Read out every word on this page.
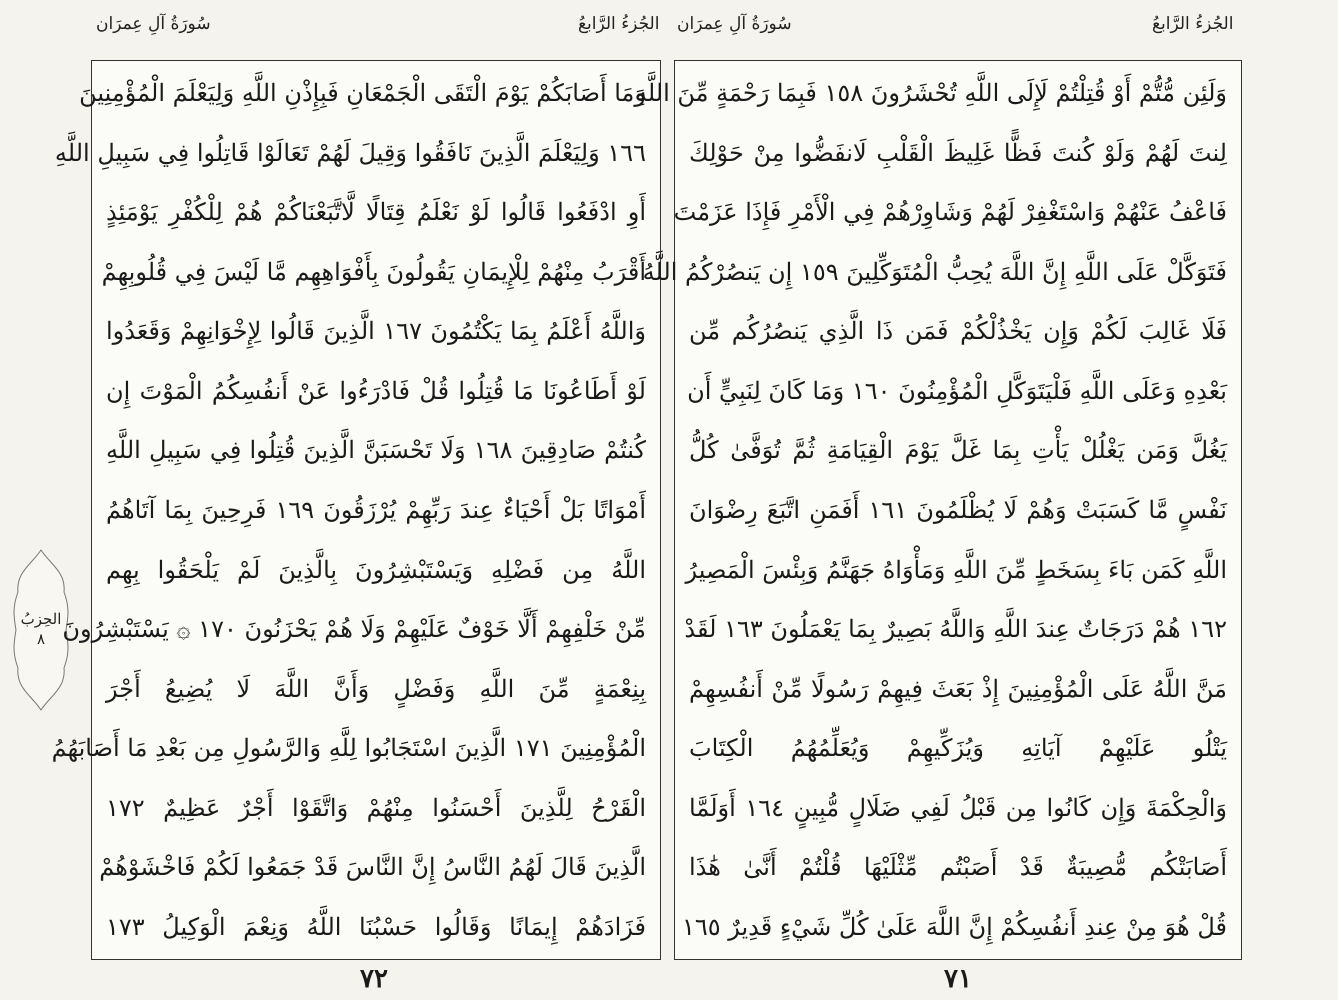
سُورَةُ آلِ عِمرَان	الجُزءُ الرَّابعُ سُورَةُ آلِ عِمرَان	الجُزءُ الرَّابعُ
الحِزبُ
٨
وَمَا أَصَابَكُمْ يَوْمَ الْتَقَى الْجَمْعَانِ فَبِإِذْنِ اللَّهِ وَلِيَعْلَمَ الْمُؤْمِنِينَ
١٦٦ وَلِيَعْلَمَ الَّذِينَ نَافَقُوا وَقِيلَ لَهُمْ تَعَالَوْا قَاتِلُوا فِي سَبِيلِ اللَّهِ
أَوِ ادْفَعُوا قَالُوا لَوْ نَعْلَمُ قِتَالًا لَّاتَّبَعْنَاكُمْ هُمْ لِلْكُفْرِ يَوْمَئِذٍ
أَقْرَبُ مِنْهُمْ لِلْإِيمَانِ يَقُولُونَ بِأَفْوَاهِهِم مَّا لَيْسَ فِي قُلُوبِهِمْ
وَاللَّهُ أَعْلَمُ بِمَا يَكْتُمُونَ ١٦٧ الَّذِينَ قَالُوا لِإِخْوَانِهِمْ وَقَعَدُوا
لَوْ أَطَاعُونَا مَا قُتِلُوا قُلْ فَادْرَءُوا عَنْ أَنفُسِكُمُ الْمَوْتَ إِن
كُنتُمْ صَادِقِينَ ١٦٨ وَلَا تَحْسَبَنَّ الَّذِينَ قُتِلُوا فِي سَبِيلِ اللَّهِ
أَمْوَاتًا بَلْ أَحْيَاءٌ عِندَ رَبِّهِمْ يُرْزَقُونَ ١٦٩ فَرِحِينَ بِمَا آتَاهُمُ
اللَّهُ مِن فَضْلِهِ وَيَسْتَبْشِرُونَ بِالَّذِينَ لَمْ يَلْحَقُوا بِهِم
مِّنْ خَلْفِهِمْ أَلَّا خَوْفٌ عَلَيْهِمْ وَلَا هُمْ يَحْزَنُونَ ١٧٠ ۞ يَسْتَبْشِرُونَ
بِنِعْمَةٍ مِّنَ اللَّهِ وَفَضْلٍ وَأَنَّ اللَّهَ لَا يُضِيعُ أَجْرَ
الْمُؤْمِنِينَ ١٧١ الَّذِينَ اسْتَجَابُوا لِلَّهِ وَالرَّسُولِ مِن بَعْدِ مَا أَصَابَهُمُ
الْقَرْحُ لِلَّذِينَ أَحْسَنُوا مِنْهُمْ وَاتَّقَوْا أَجْرٌ عَظِيمٌ ١٧٢
الَّذِينَ قَالَ لَهُمُ النَّاسُ إِنَّ النَّاسَ قَدْ جَمَعُوا لَكُمْ فَاخْشَوْهُمْ
فَزَادَهُمْ إِيمَانًا وَقَالُوا حَسْبُنَا اللَّهُ وَنِعْمَ الْوَكِيلُ ١٧٣
وَلَئِن مُّتُّمْ أَوْ قُتِلْتُمْ لَإِلَى اللَّهِ تُحْشَرُونَ ١٥٨ فَبِمَا رَحْمَةٍ مِّنَ اللَّهِ
لِنتَ لَهُمْ وَلَوْ كُنتَ فَظًّا غَلِيظَ الْقَلْبِ لَانفَضُّوا مِنْ حَوْلِكَ
فَاعْفُ عَنْهُمْ وَاسْتَغْفِرْ لَهُمْ وَشَاوِرْهُمْ فِي الْأَمْرِ فَإِذَا عَزَمْتَ
فَتَوَكَّلْ عَلَى اللَّهِ إِنَّ اللَّهَ يُحِبُّ الْمُتَوَكِّلِينَ ١٥٩ إِن يَنصُرْكُمُ اللَّهُ
فَلَا غَالِبَ لَكُمْ وَإِن يَخْذُلْكُمْ فَمَن ذَا الَّذِي يَنصُرُكُم مِّن
بَعْدِهِ وَعَلَى اللَّهِ فَلْيَتَوَكَّلِ الْمُؤْمِنُونَ ١٦٠ وَمَا كَانَ لِنَبِيٍّ أَن
يَغُلَّ وَمَن يَغْلُلْ يَأْتِ بِمَا غَلَّ يَوْمَ الْقِيَامَةِ ثُمَّ تُوَفَّىٰ كُلُّ
نَفْسٍ مَّا كَسَبَتْ وَهُمْ لَا يُظْلَمُونَ ١٦١ أَفَمَنِ اتَّبَعَ رِضْوَانَ
اللَّهِ كَمَن بَاءَ بِسَخَطٍ مِّنَ اللَّهِ وَمَأْوَاهُ جَهَنَّمُ وَبِئْسَ الْمَصِيرُ
١٦٢ هُمْ دَرَجَاتٌ عِندَ اللَّهِ وَاللَّهُ بَصِيرٌ بِمَا يَعْمَلُونَ ١٦٣ لَقَدْ
مَنَّ اللَّهُ عَلَى الْمُؤْمِنِينَ إِذْ بَعَثَ فِيهِمْ رَسُولًا مِّنْ أَنفُسِهِمْ
يَتْلُو عَلَيْهِمْ آيَاتِهِ وَيُزَكِّيهِمْ وَيُعَلِّمُهُمُ الْكِتَابَ
وَالْحِكْمَةَ وَإِن كَانُوا مِن قَبْلُ لَفِي ضَلَالٍ مُّبِينٍ ١٦٤ أَوَلَمَّا
أَصَابَتْكُم مُّصِيبَةٌ قَدْ أَصَبْتُم مِّثْلَيْهَا قُلْتُمْ أَنَّىٰ هَٰذَا
قُلْ هُوَ مِنْ عِندِ أَنفُسِكُمْ إِنَّ اللَّهَ عَلَىٰ كُلِّ شَيْءٍ قَدِيرٌ ١٦٥
٧٢	٧١
